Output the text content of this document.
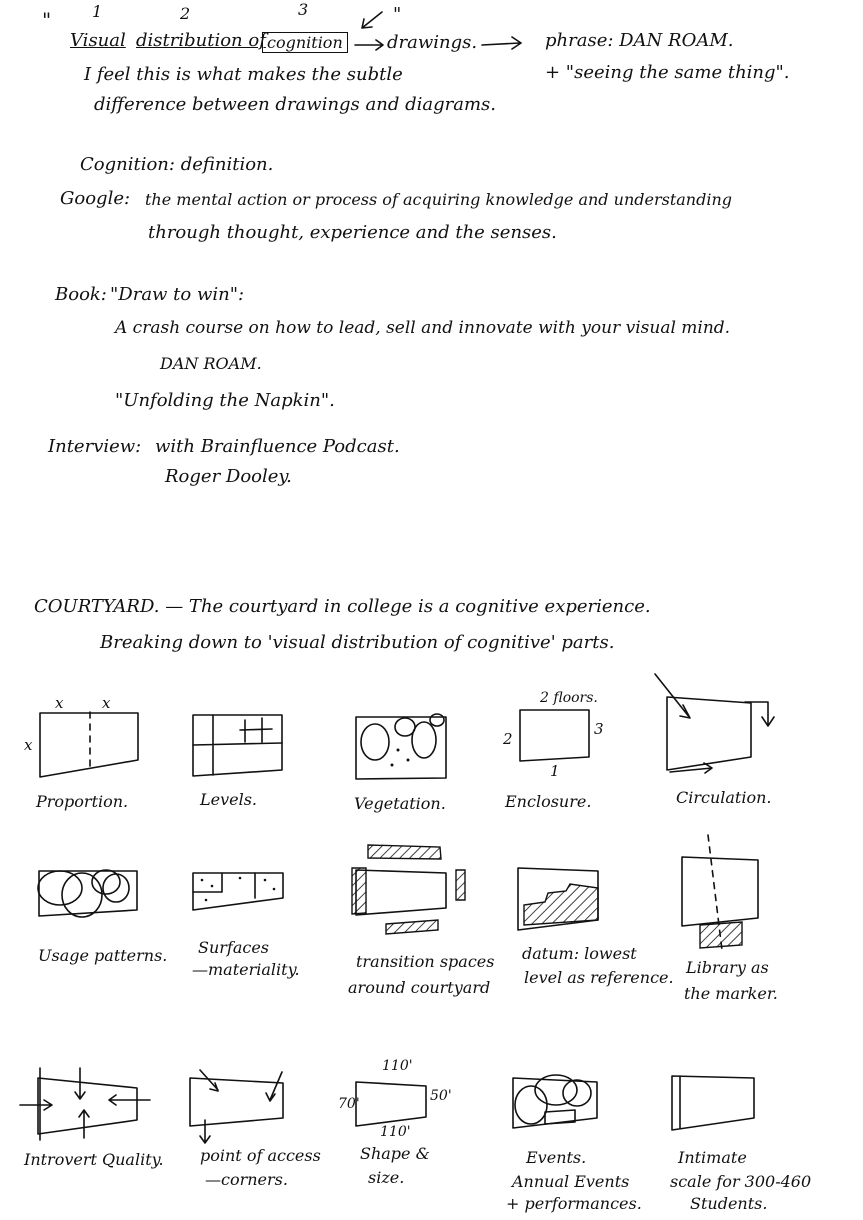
"	1	2	3
Visual distribution of cognition
"
drawings.	phrase: DAN ROAM.
+ "seeing the same thing".
I feel this is what makes the subtle
difference between drawings and diagrams.
Cognition: definition.
Google: the mental action or process of acquiring knowledge and understanding
through thought, experience and the senses.
Book: "Draw to win":
A crash course on how to lead, sell and innovate with your visual mind.
DAN ROAM.
"Unfolding the Napkin".
Interview: with Brainfluence Podcast.
Roger Dooley.
COURTYARD. — The courtyard in college is a cognitive experience.
Breaking down to 'visual distribution of cognitive' parts.
x	x
x
2 floors.
2
3
1
110'
110'
70'	50'
Proportion.	Levels.	Vegetation.	Enclosure.	Circulation.
Usage patterns. Surfaces
—materiality.	transition spaces
around courtyard
datum: lowest
level as reference.
Library as
the marker.
Introvert Quality. point of access
—corners.
Shape &
size.
Events.
Annual Events
+ performances.
Intimate
scale for 300-460
Students.
